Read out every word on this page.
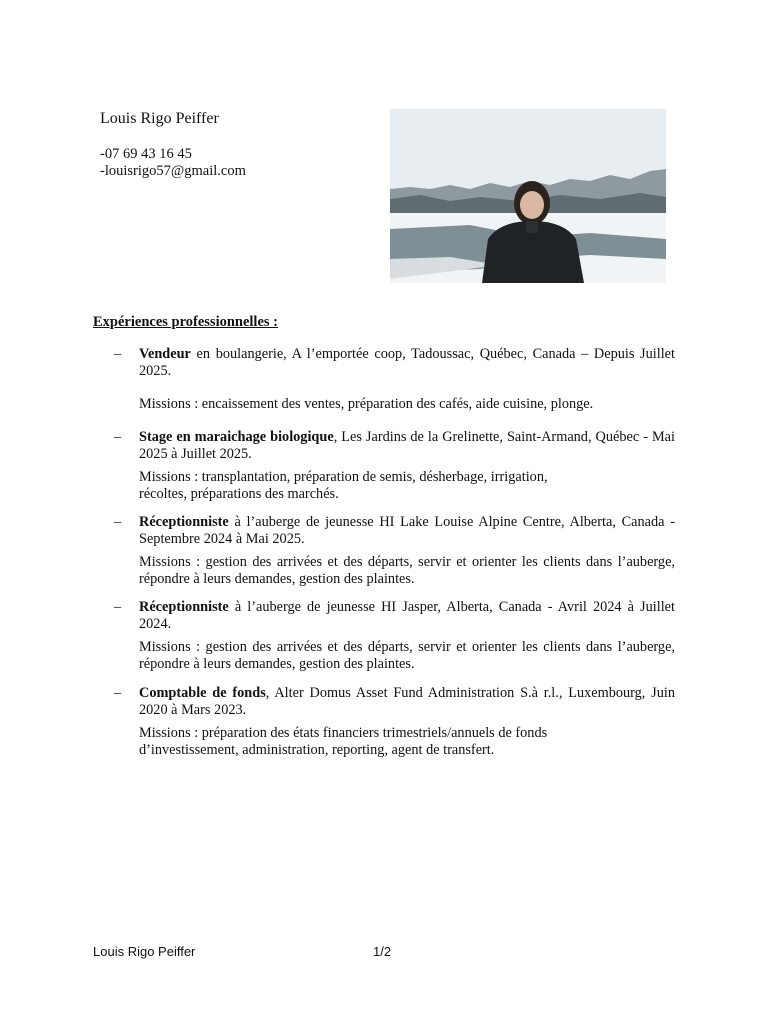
Louis Rigo Peiffer
-07 69 43 16 45
-louisrigo57@gmail.com
Expériences professionnelles :
– Vendeur en boulangerie, A l’emportée coop, Tadoussac, Québec, Canada – Depuis Juillet 2025.
Missions : encaissement des ventes, préparation des cafés, aide cuisine, plonge.
– Stage en maraichage biologique, Les Jardins de la Grelinette, Saint-Armand, Québec - Mai 2025 à Juillet 2025.
Missions : transplantation, préparation de semis, désherbage, irrigation, récoltes, préparations des marchés.
– Réceptionniste à l’auberge de jeunesse HI Lake Louise Alpine Centre, Alberta, Canada - Septembre 2024 à Mai 2025.
Missions : gestion des arrivées et des départs, servir et orienter les clients dans l’auberge, répondre à leurs demandes, gestion des plaintes.
– Réceptionniste à l’auberge de jeunesse HI Jasper, Alberta, Canada - Avril 2024 à Juillet 2024.
Missions : gestion des arrivées et des départs, servir et orienter les clients dans l’auberge, répondre à leurs demandes, gestion des plaintes.
– Comptable de fonds, Alter Domus Asset Fund Administration S.à r.l., Luxembourg, Juin 2020 à Mars 2023.
Missions : préparation des états financiers trimestriels/annuels de fonds d’investissement, administration, reporting, agent de transfert.
Louis Rigo Peiffer	1/2
